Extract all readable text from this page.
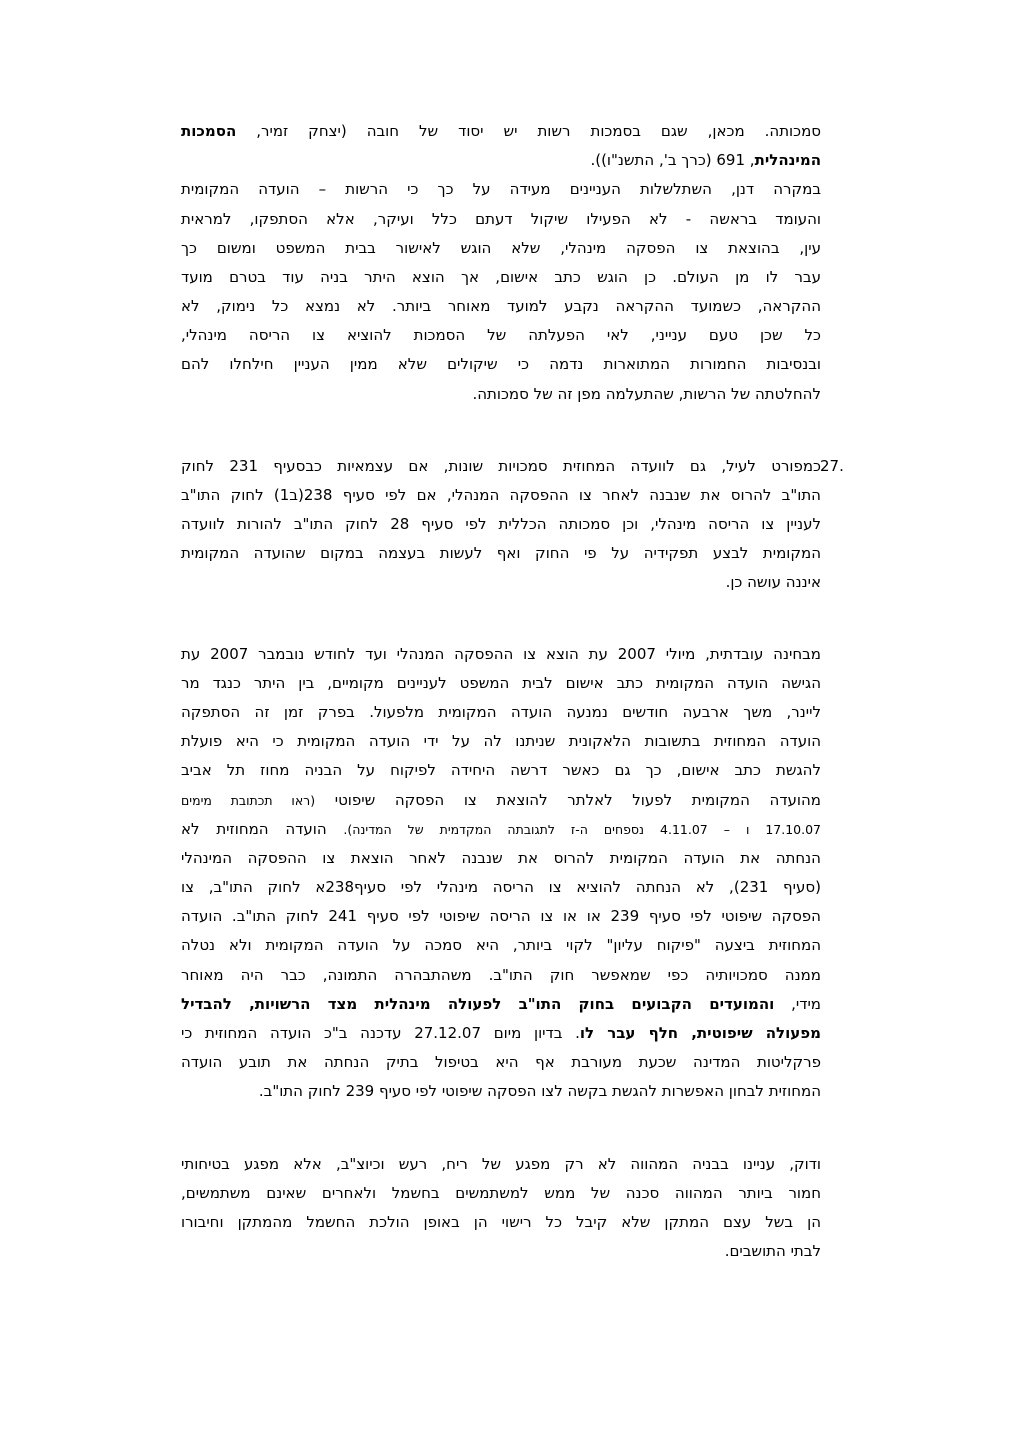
סמכותה. מכאן, שגם בסמכות רשות יש יסוד של חובה (יצחק זמיר, הסמכות
המינהלית, 691 (כרך ב', התשנ"ו)).
במקרה דנן, השתלשלות העניינים מעידה על כך כי הרשות – הועדה המקומית
והעומד בראשה - לא הפעילו שיקול דעתם כלל ועיקר, אלא הסתפקו, למראית
עין, בהוצאת צו הפסקה מינהלי, שלא הוגש לאישור בבית המשפט ומשום כך
עבר לו מן העולם. כן הוגש כתב אישום, אך הוצא היתר בניה עוד בטרם מועד
ההקראה, כשמועד ההקראה נקבע למועד מאוחר ביותר. לא נמצא כל נימוק, לא
כל שכן טעם ענייני, לאי הפעלתה של הסמכות להוציא צו הריסה מינהלי,
ובנסיבות החמורות המתוארות נדמה כי שיקולים שלא ממין העניין חילחלו להם
להחלטתה של הרשות, שהתעלמה מפן זה של סמכותה.
27.
כמפורט לעיל, גם לוועדה המחוזית סמכויות שונות, אם עצמאיות כבסעיף 231 לחוק
התו"ב להרוס את שנבנה לאחר צו ההפסקה המנהלי, אם לפי סעיף 238(ב1) לחוק התו"ב
לעניין צו הריסה מינהלי, וכן סמכותה הכללית לפי סעיף 28 לחוק התו"ב להורות לוועדה
המקומית לבצע תפקידיה על פי החוק ואף לעשות בעצמה במקום שהועדה המקומית
איננה עושה כן.
מבחינה עובדתית, מיולי 2007 עת הוצא צו ההפסקה המנהלי ועד לחודש נובמבר 2007 עת
הגישה הועדה המקומית כתב אישום לבית המשפט לעניינים מקומיים, בין היתר כנגד מר
ליינר, משך ארבעה חודשים נמנעה הועדה המקומית מלפעול. בפרק זמן זה הסתפקה
הועדה המחוזית בתשובות הלאקונית שניתנו לה על ידי הועדה המקומית כי היא פועלת
להגשת כתב אישום, כך גם כאשר דרשה היחידה לפיקוח על הבניה מחוז תל אביב
מהועדה המקומית לפעול לאלתר להוצאת צו הפסקה שיפוטי (ראו תכתובת מימים
17.10.07 ו – 4.11.07 נספחים ה-ז לתגובתה המקדמית של המדינה). הועדה המחוזית לא
הנחתה את הועדה המקומית להרוס את שנבנה לאחר הוצאת צו ההפסקה המינהלי
(סעיף 231), לא הנחתה להוציא צו הריסה מינהלי לפי סעיף238א לחוק התו"ב, צו
הפסקה שיפוטי לפי סעיף 239 או או צו הריסה שיפוטי לפי סעיף 241 לחוק התו"ב. הועדה
המחוזית ביצעה "פיקוח עליון" לקוי ביותר, היא סמכה על הועדה המקומית ולא נטלה
ממנה סמכויותיה כפי שמאפשר חוק התו"ב. משהתבהרה התמונה, כבר היה מאוחר
מידי, והמועדים הקבועים בחוק התו"ב לפעולה מינהלית מצד הרשויות, להבדיל
מפעולה שיפוטית, חלף עבר לו. בדיון מיום 27.12.07 עדכנה ב"כ הועדה המחוזית כי
פרקליטות המדינה שכעת מעורבת אף היא בטיפול בתיק הנחתה את תובע הועדה
המחוזית לבחון האפשרות להגשת בקשה לצו הפסקה שיפוטי לפי סעיף 239 לחוק התו"ב.
ודוק, עניינו בבניה המהווה לא רק מפגע של ריח, רעש וכיוצ"ב, אלא מפגע בטיחותי
חמור ביותר המהווה סכנה של ממש למשתמשים בחשמל ולאחרים שאינם משתמשים,
הן בשל עצם המתקן שלא קיבל כל רישוי הן באופן הולכת החשמל מהמתקן וחיבורו
לבתי התושבים.
